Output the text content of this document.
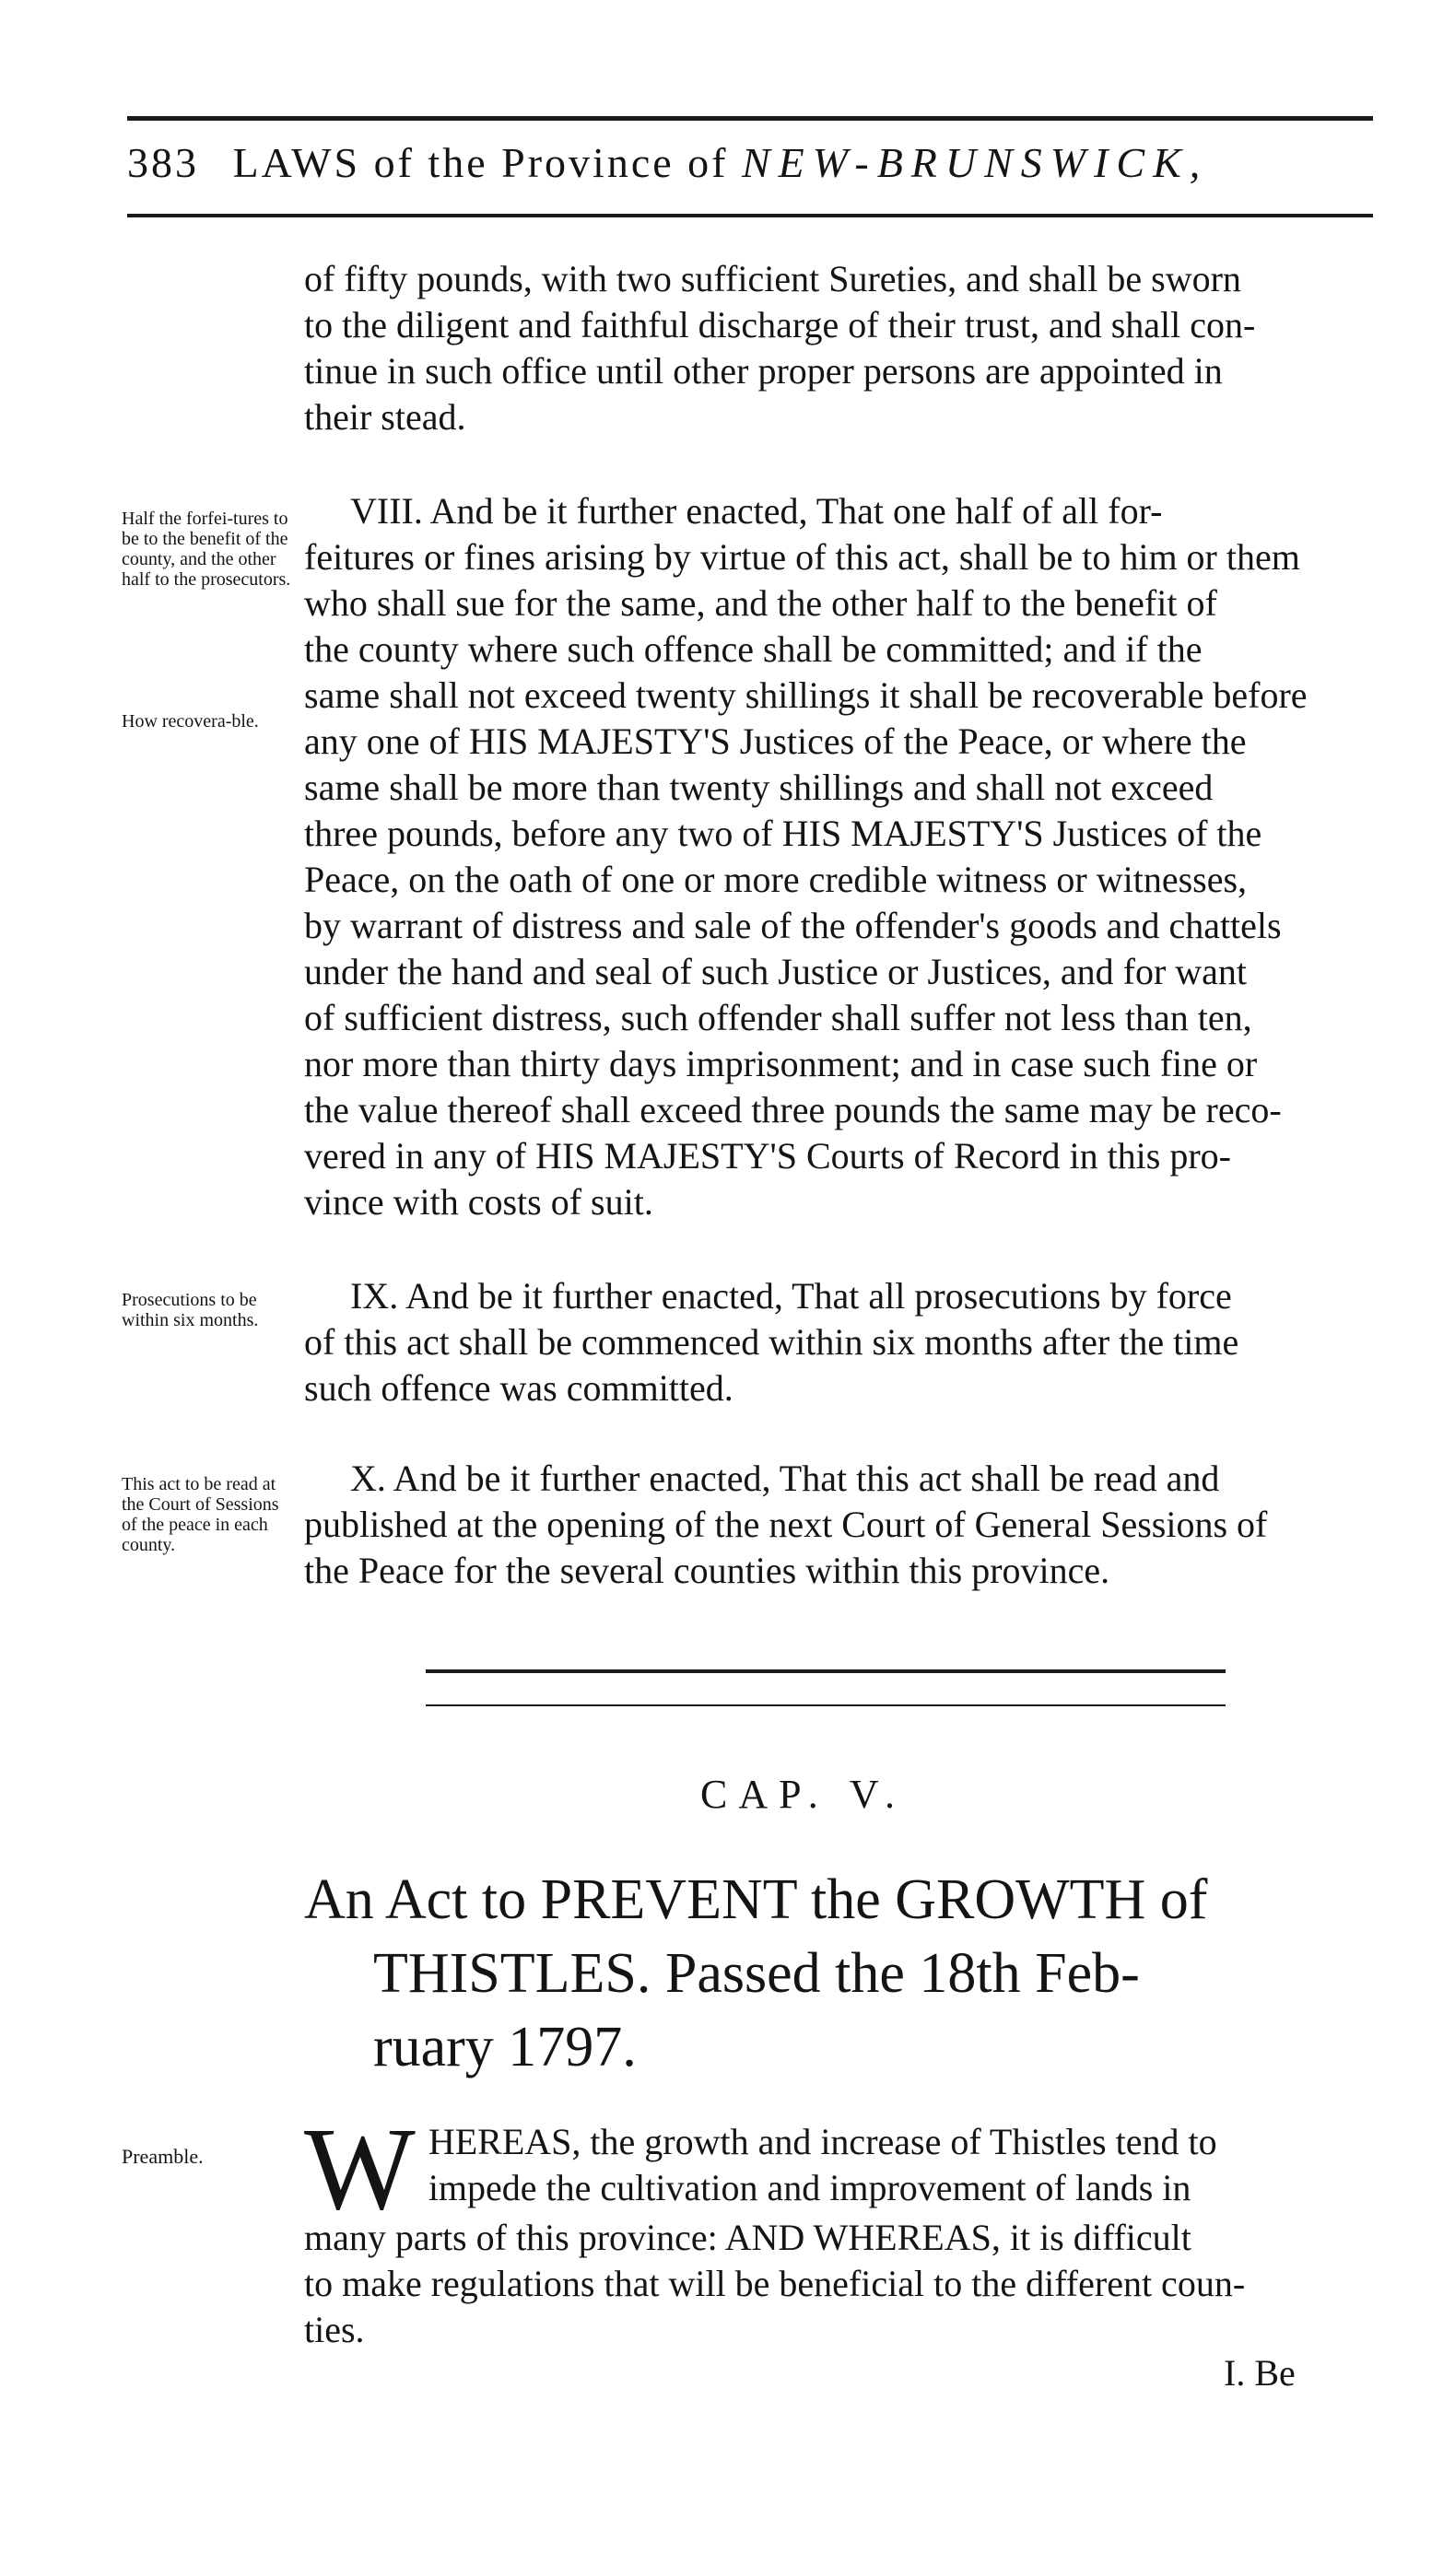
383 LAWS of the Province of NEW-BRUNSWICK,
of fifty pounds, with two sufficient Sureties, and shall be sworn
to the diligent and faithful discharge of their trust, and shall con-
tinue in such office until other proper persons are appointed in
their stead.
Half the forfei-tures to be to the benefit of the county, and the other half to the prosecutors.
How recovera-ble.
VIII. And be it further enacted, That one half of all for-
feitures or fines arising by virtue of this act, shall be to him or them
who shall sue for the same, and the other half to the benefit of
the county where such offence shall be committed; and if the
same shall not exceed twenty shillings it shall be recoverable before
any one of HIS MAJESTY'S Justices of the Peace, or where the
same shall be more than twenty shillings and shall not exceed
three pounds, before any two of HIS MAJESTY'S Justices of the
Peace, on the oath of one or more credible witness or witnesses,
by warrant of distress and sale of the offender's goods and chattels
under the hand and seal of such Justice or Justices, and for want
of sufficient distress, such offender shall suffer not less than ten,
nor more than thirty days imprisonment; and in case such fine or
the value thereof shall exceed three pounds the same may be reco-
vered in any of HIS MAJESTY'S Courts of Record in this pro-
vince with costs of suit.
Prosecutions to be within six months.
IX. And be it further enacted, That all prosecutions by force
of this act shall be commenced within six months after the time
such offence was committed.
This act to be read at the Court of Sessions of the peace in each county.
X. And be it further enacted, That this act shall be read and
published at the opening of the next Court of General Sessions of
the Peace for the several counties within this province.
CAP. V.
An Act to PREVENT the GROWTH of
THISTLES. Passed the 18th Feb-
ruary 1797.
Preamble. W HEREAS, the growth and increase of Thistles tend to
impede the cultivation and improvement of lands in
many parts of this province: AND WHEREAS, it is difficult
to make regulations that will be beneficial to the different coun-
ties.
I. Be
